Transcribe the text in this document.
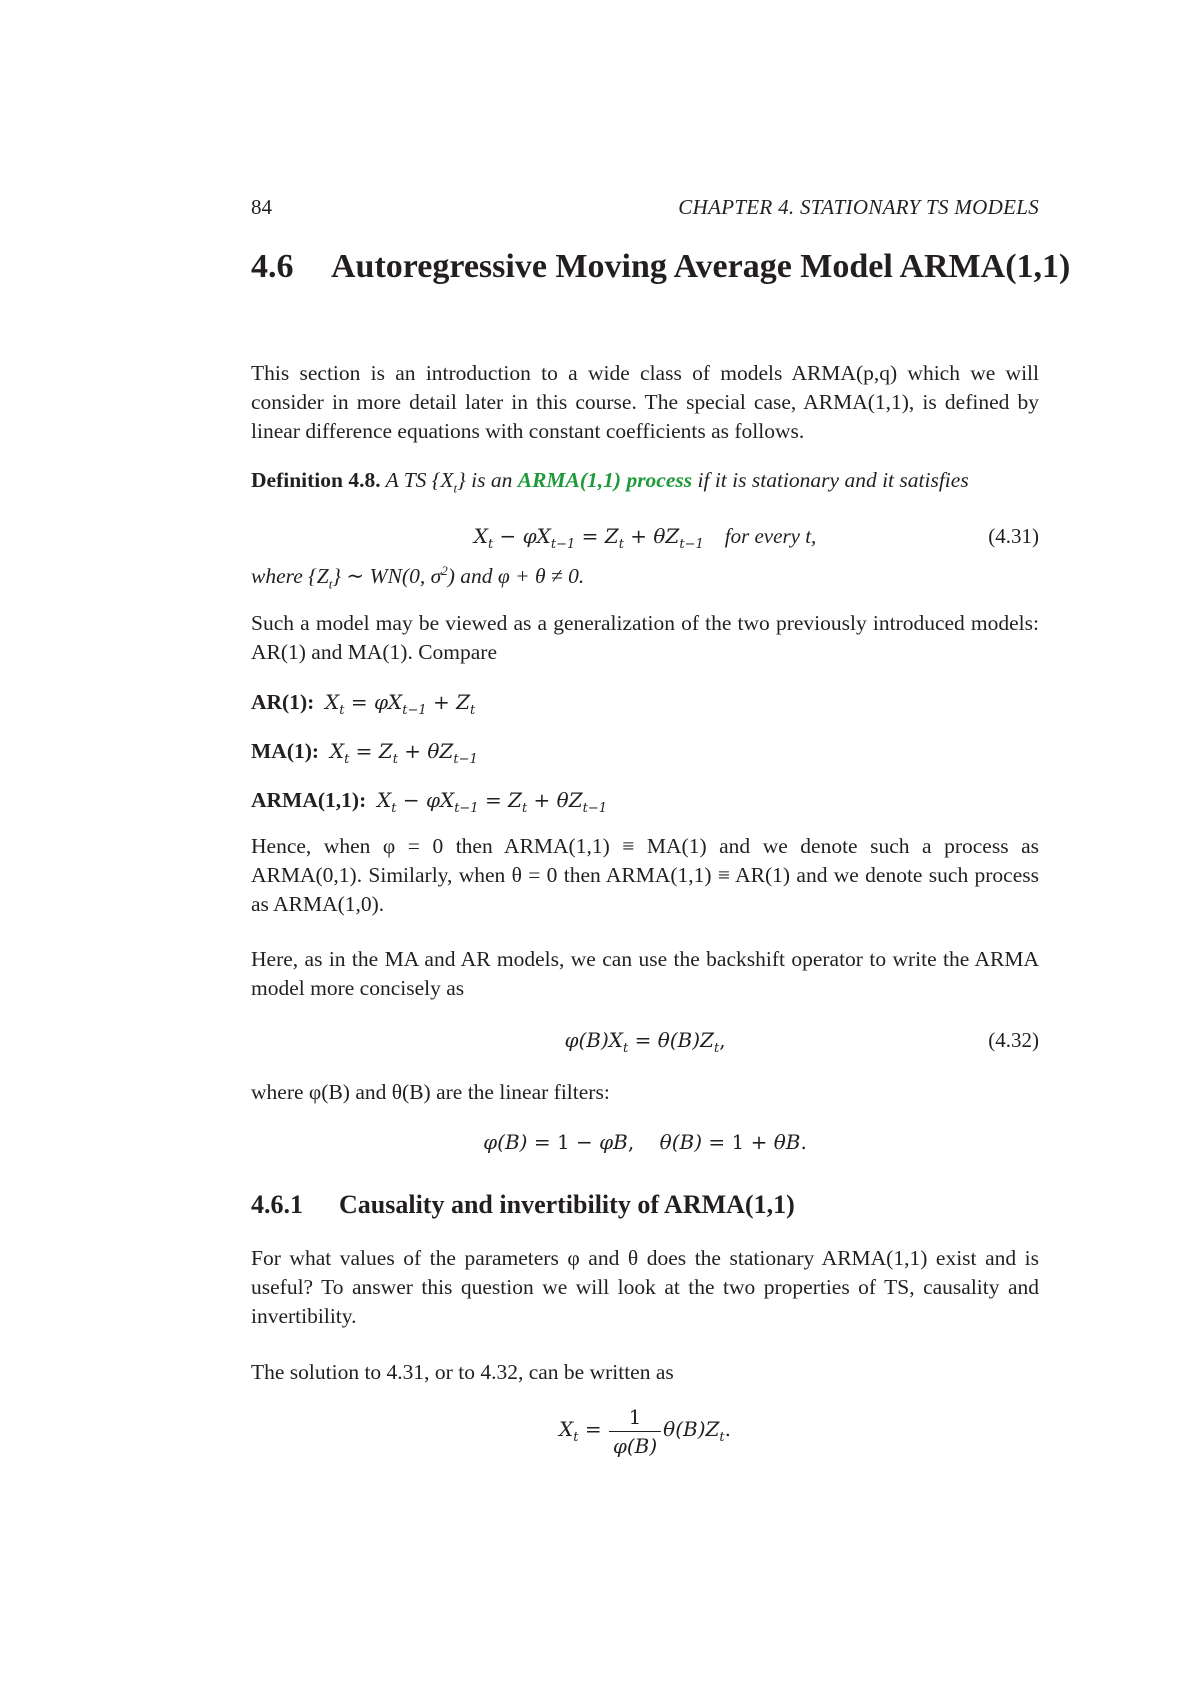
84	CHAPTER 4. STATIONARY TS MODELS
4.6 Autoregressive Moving Average Model ARMA(1,1)
This section is an introduction to a wide class of models ARMA(p,q) which we will consider in more detail later in this course. The special case, ARMA(1,1), is defined by linear difference equations with constant coefficients as follows.
Definition 4.8. A TS $\{X_t\}$ is an ARMA(1,1) process if it is stationary and it satisfies
$X_t - \varphi X_{t-1} = Z_t + \theta Z_{t-1}$ for every t,	(4.31)
where $\{Z_t\}$ ∼ WN(0, $\sigma^2$) and φ + θ ≠ 0.
Such a model may be viewed as a generalization of the two previously introduced models: AR(1) and MA(1). Compare
AR(1): $X_t = \varphi X_{t-1} + Z_t$
MA(1): $X_t = Z_t + \theta Z_{t-1}$
ARMA(1,1): $X_t - \varphi X_{t-1} = Z_t + \theta Z_{t-1}$
Hence, when φ = 0 then ARMA(1,1) ≡ MA(1) and we denote such a process as ARMA(0,1). Similarly, when θ = 0 then ARMA(1,1) ≡ AR(1) and we denote such process as ARMA(1,0).
Here, as in the MA and AR models, we can use the backshift operator to write the ARMA model more concisely as
$\varphi(B)X_t = \theta(B)Z_t$,	(4.32)
where φ(B) and θ(B) are the linear filters:
φ(B) = 1 − φB,    θ(B) = 1 + θB.
4.6.1 Causality and invertibility of ARMA(1,1)
For what values of the parameters φ and θ does the stationary ARMA(1,1) exist and is useful? To answer this question we will look at the two properties of TS, causality and invertibility.
The solution to 4.31, or to 4.32, can be written as
$X_t = \frac{1}{\varphi(B)} \theta(B)Z_t$.
